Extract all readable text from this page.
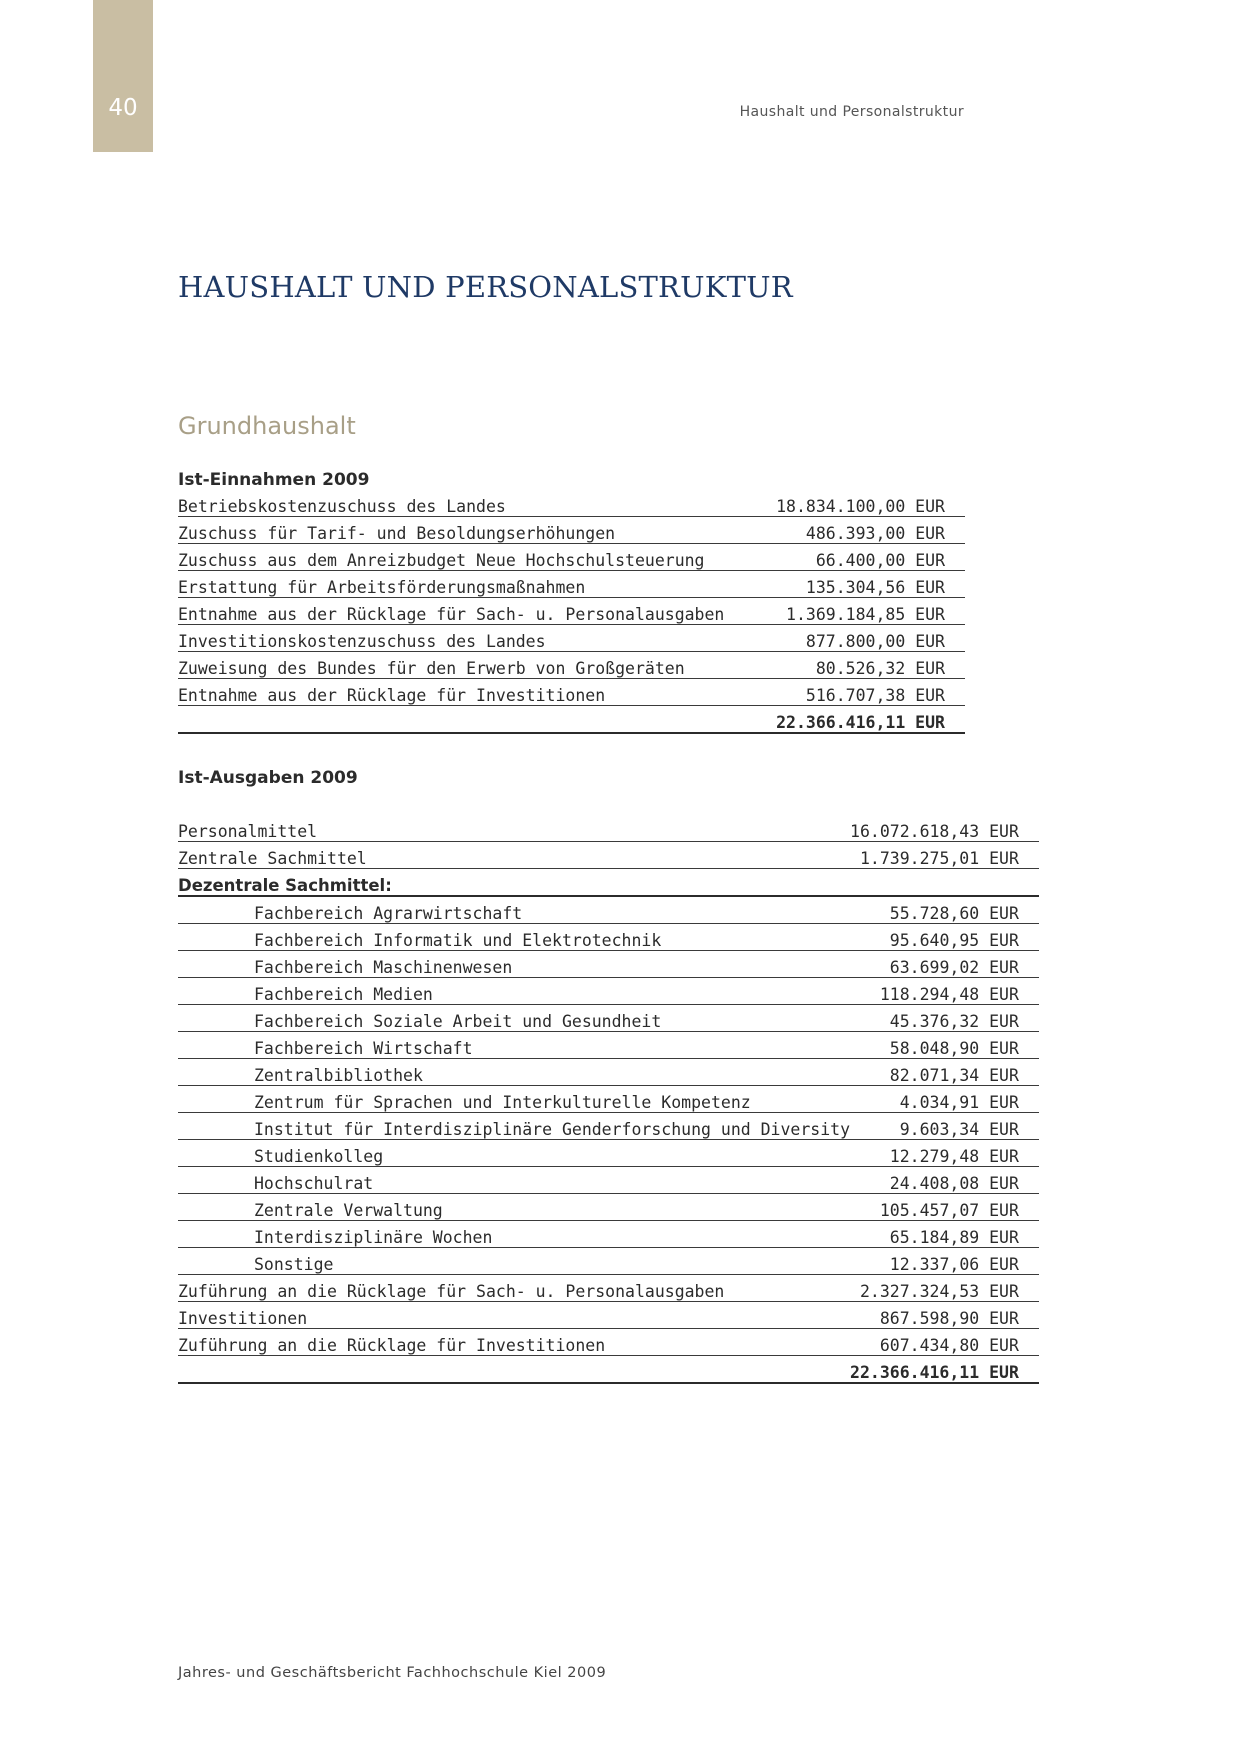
40	Haushalt und Personalstruktur
HAUSHALT UND PERSONALSTRUKTUR
Grundhaushalt
Ist-Einnahmen 2009
Betriebskostenzuschuss des Landes	18.834.100,00 EUR
Zuschuss für Tarif- und Besoldungserhöhungen	486.393,00 EUR
Zuschuss aus dem Anreizbudget Neue Hochschulsteuerung	66.400,00 EUR
Erstattung für Arbeitsförderungsmaßnahmen	135.304,56 EUR
Entnahme aus der Rücklage für Sach- u. Personalausgaben	1.369.184,85 EUR
Investitionskostenzuschuss des Landes	877.800,00 EUR
Zuweisung des Bundes für den Erwerb von Großgeräten	80.526,32 EUR
Entnahme aus der Rücklage für Investitionen	516.707,38 EUR
	22.366.416,11 EUR
Ist-Ausgaben 2009
Personalmittel	16.072.618,43 EUR
Zentrale Sachmittel	1.739.275,01 EUR
Dezentrale Sachmittel:	
Fachbereich Agrarwirtschaft	55.728,60 EUR
Fachbereich Informatik und Elektrotechnik	95.640,95 EUR
Fachbereich Maschinenwesen	63.699,02 EUR
Fachbereich Medien	118.294,48 EUR
Fachbereich Soziale Arbeit und Gesundheit	45.376,32 EUR
Fachbereich Wirtschaft	58.048,90 EUR
Zentralbibliothek	82.071,34 EUR
Zentrum für Sprachen und Interkulturelle Kompetenz	4.034,91 EUR
Institut für Interdisziplinäre Genderforschung und Diversity	9.603,34 EUR
Studienkolleg	12.279,48 EUR
Hochschulrat	24.408,08 EUR
Zentrale Verwaltung	105.457,07 EUR
Interdisziplinäre Wochen	65.184,89 EUR
Sonstige	12.337,06 EUR
Zuführung an die Rücklage für Sach- u. Personalausgaben	2.327.324,53 EUR
Investitionen	867.598,90 EUR
Zuführung an die Rücklage für Investitionen	607.434,80 EUR
	22.366.416,11 EUR
Jahres- und Geschäftsbericht Fachhochschule Kiel 2009
